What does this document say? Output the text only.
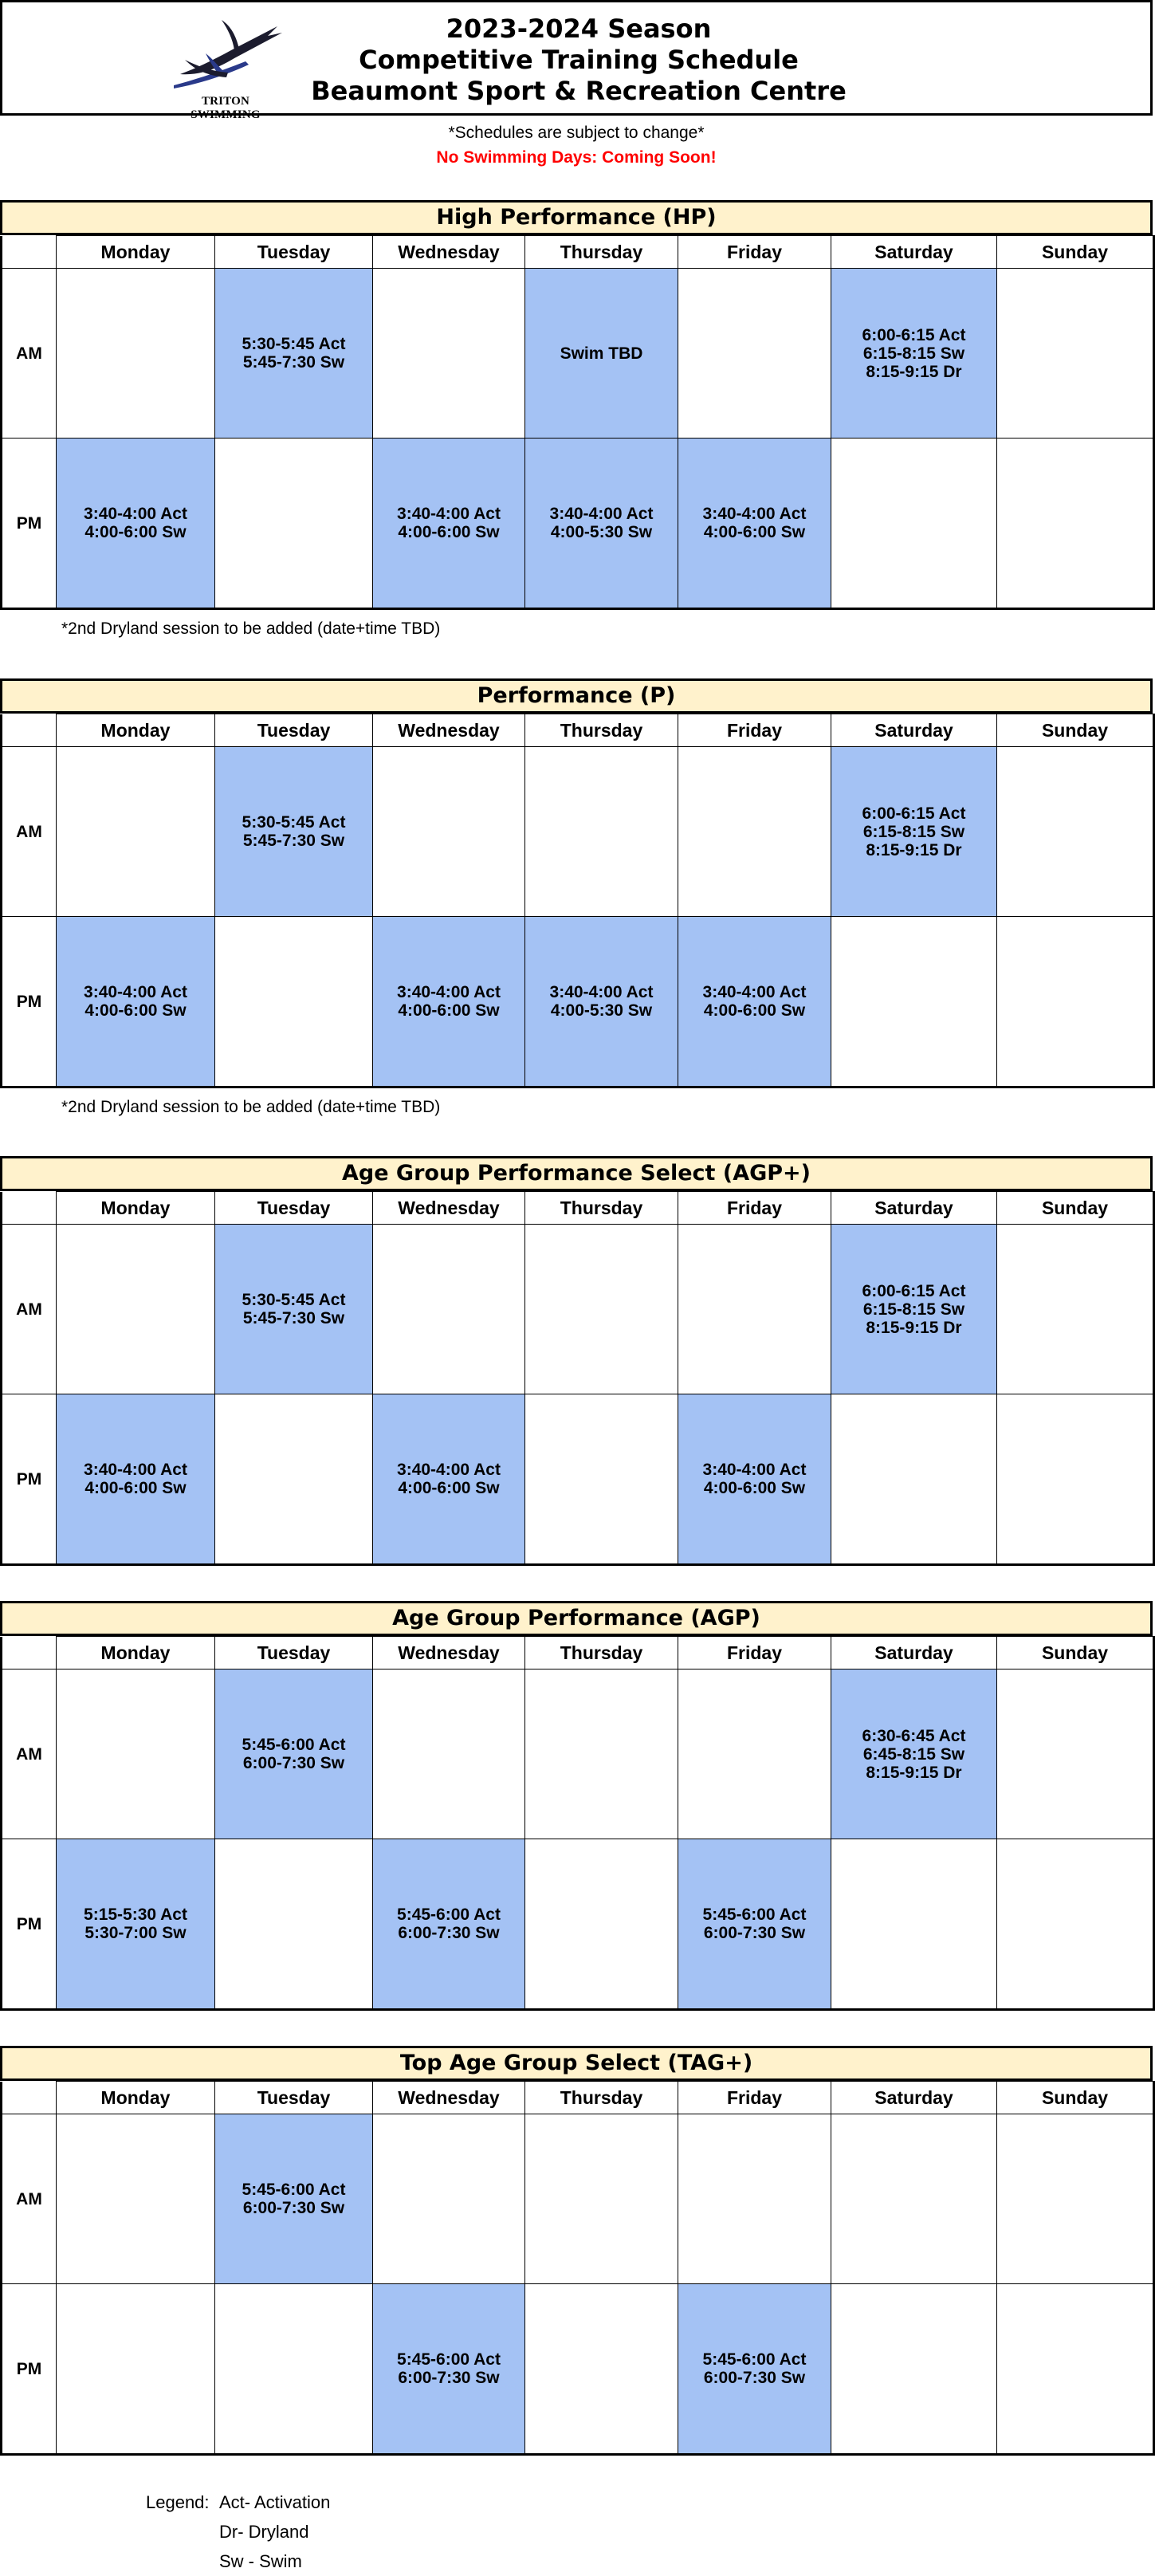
TRITON SWIMMING
2023-2024 Season
Competitive Training Schedule
Beaumont Sport & Recreation Centre
*Schedules are subject to change*
No Swimming Days: Coming Soon!
High Performance (HP)
	Monday	Tuesday	Wednesday	Thursday	Friday	Saturday	Sunday
AM		5:30-5:45 Act
5:45-7:30 Sw		Swim TBD		6:00-6:15 Act
6:15-8:15 Sw
8:15-9:15 Dr	

PM	3:40-4:00 Act
4:00-6:00 Sw		3:40-4:00 Act
4:00-6:00 Sw	3:40-4:00 Act
4:00-5:30 Sw	3:40-4:00 Act
4:00-6:00 Sw		

*2nd Dryland session to be added (date+time TBD)
Performance (P)
	Monday	Tuesday	Wednesday	Thursday	Friday	Saturday	Sunday
AM		5:30-5:45 Act
5:45-7:30 Sw				6:00-6:15 Act
6:15-8:15 Sw
8:15-9:15 Dr	

PM	3:40-4:00 Act
4:00-6:00 Sw		3:40-4:00 Act
4:00-6:00 Sw	3:40-4:00 Act
4:00-5:30 Sw	3:40-4:00 Act
4:00-6:00 Sw		

*2nd Dryland session to be added (date+time TBD)
Age Group Performance Select (AGP+)
	Monday	Tuesday	Wednesday	Thursday	Friday	Saturday	Sunday
AM		5:30-5:45 Act
5:45-7:30 Sw				6:00-6:15 Act
6:15-8:15 Sw
8:15-9:15 Dr	

PM	3:40-4:00 Act
4:00-6:00 Sw		3:40-4:00 Act
4:00-6:00 Sw		3:40-4:00 Act
4:00-6:00 Sw		

Age Group Performance (AGP)
	Monday	Tuesday	Wednesday	Thursday	Friday	Saturday	Sunday
AM		5:45-6:00 Act
6:00-7:30 Sw				6:30-6:45 Act
6:45-8:15 Sw
8:15-9:15 Dr	

PM	5:15-5:30 Act
5:30-7:00 Sw		5:45-6:00 Act
6:00-7:30 Sw		5:45-6:00 Act
6:00-7:30 Sw		

Top Age Group Select (TAG+)
	Monday	Tuesday	Wednesday	Thursday	Friday	Saturday	Sunday
AM		5:45-6:00 Act
6:00-7:30 Sw					

PM			5:45-6:00 Act
6:00-7:30 Sw		5:45-6:00 Act
6:00-7:30 Sw		

Legend: Act- Activation
Dr- Dryland
Sw - Swim
